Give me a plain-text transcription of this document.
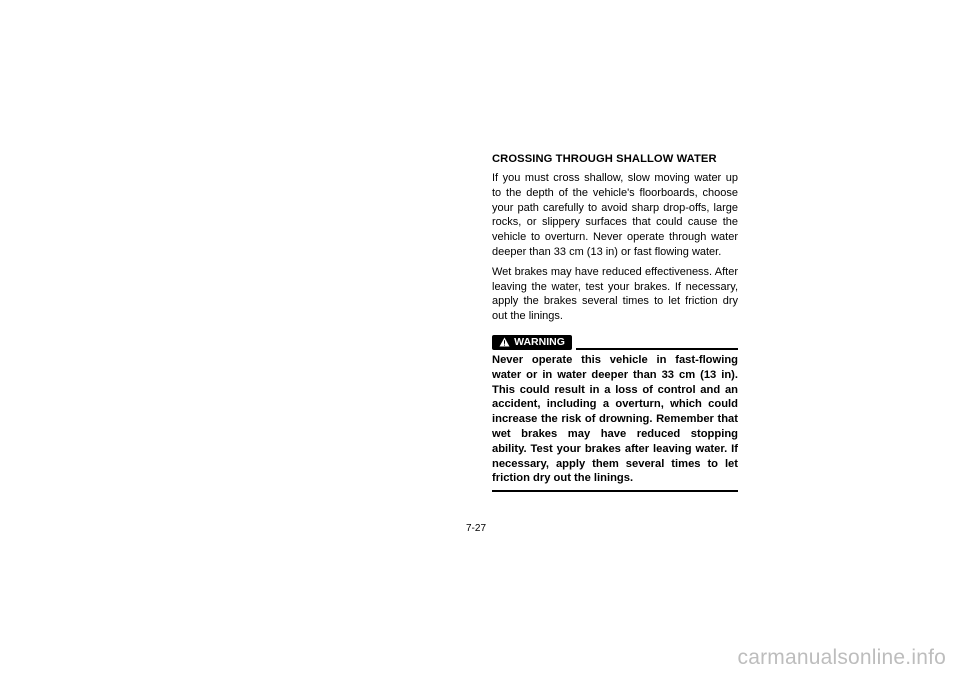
CROSSING THROUGH SHALLOW WATER

If you must cross shallow, slow moving water up to the depth of the vehicle's floorboards, choose your path carefully to avoid sharp drop-offs, large rocks, or slippery surfaces that could cause the vehicle to overturn. Never operate through water deeper than 33 cm (13 in) or fast flowing water.

Wet brakes may have reduced effectiveness. After leaving the water, test your brakes. If necessary, apply the brakes several times to let friction dry out the linings.

WARNING

Never operate this vehicle in fast-flowing water or in water deeper than 33 cm (13 in). This could result in a loss of control and an accident, including a overturn, which could increase the risk of drowning. Remember that wet brakes may have reduced stopping ability. Test your brakes after leaving water. If necessary, apply them several times to let friction dry out the linings.

7-27
carmanualsonline.info
